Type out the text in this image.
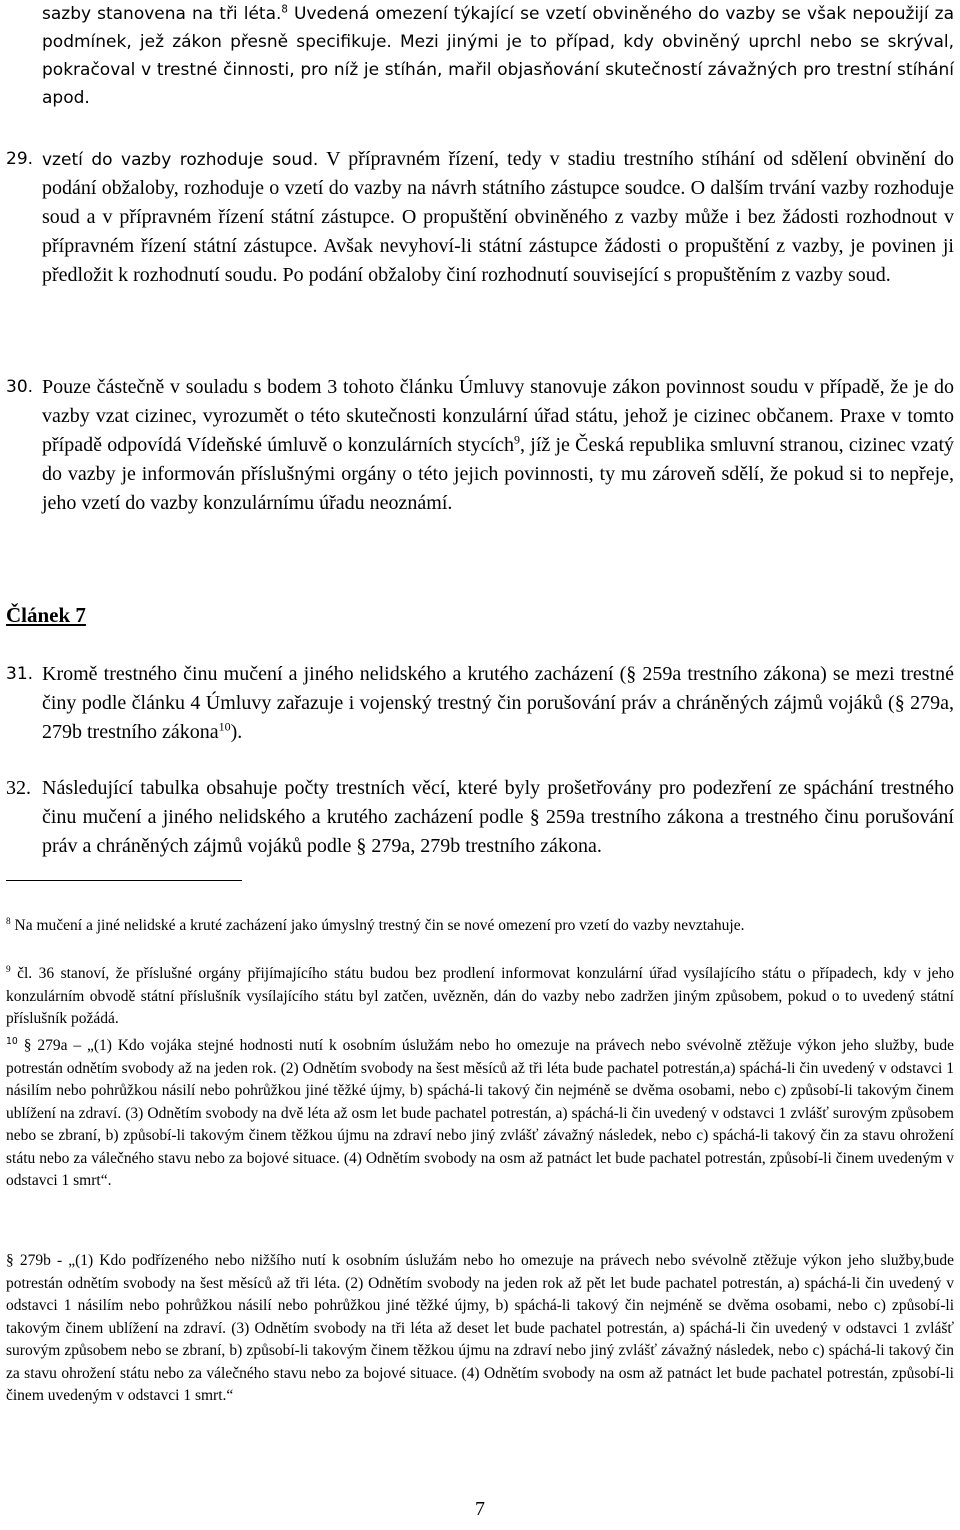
sazby stanovena na tři léta.$^8$ Uvedená omezení týkající se vzetí obviněného do vazby se však nepoužijí za podmínek, jež zákon přesně specifikuje. Mezi jinými je to případ, kdy obviněný uprchl nebo se skrýval, pokračoval v trestné činnosti, pro níž je stíhán, mařil objasňování skutečností závažných pro trestní stíhání apod.

29. vzetí do vazby rozhoduje soud. V přípravném řízení, tedy v stadiu trestního stíhání od sdělení obvinění do podání obžaloby, rozhoduje o vzetí do vazby na návrh státního zástupce soudce. O dalším trvání vazby rozhoduje soud a v přípravném řízení státní zástupce. O propuštění obviněného z vazby může i bez žádosti rozhodnout v přípravném řízení státní zástupce. Avšak nevyhoví-li státní zástupce žádosti o propuštění z vazby, je povinen ji předložit k rozhodnutí soudu. Po podání obžaloby činí rozhodnutí související s propuštěním z vazby soud.

30. Pouze částečně v souladu s bodem 3 tohoto článku Úmluvy stanovuje zákon povinnost soudu v případě, že je do vazby vzat cizinec, vyrozumět o této skutečnosti konzulární úřad státu, jehož je cizinec občanem. Praxe v tomto případě odpovídá Vídeňské úmluvě o konzulárních stycích$^9$, jíž je Česká republika smluvní stranou, cizinec vzatý do vazby je informován příslušnými orgány o této jejich povinnosti, ty mu zároveň sdělí, že pokud si to nepřeje, jeho vzetí do vazby konzulárnímu úřadu neoznámí.

Článek 7
31. Kromě trestného činu mučení a jiného nelidského a krutého zacházení (§ 259a trestního zákona) se mezi trestné činy podle článku 4 Úmluvy zařazuje i vojenský trestný čin porušování práv a chráněných zájmů vojáků (§ 279a, 279b trestního zákona$^{10}$).

32. Následující tabulka obsahuje počty trestních věcí, které byly prošetřovány pro podezření ze spáchání trestného činu mučení a jiného nelidského a krutého zacházení podle § 259a trestního zákona a trestného činu porušování práv a chráněných zájmů vojáků podle § 279a, 279b trestního zákona.

$^8$ Na mučení a jiné nelidské a kruté zacházení jako úmyslný trestný čin se nové omezení pro vzetí do vazby nevztahuje.

$^9$ čl. 36 stanoví, že příslušné orgány přijímajícího státu budou bez prodlení informovat konzulární úřad vysílajícího státu o případech, kdy v jeho konzulárním obvodě státní příslušník vysílajícího státu byl zatčen, uvězněn, dán do vazby nebo zadržen jiným způsobem, pokud o to uvedený státní příslušník požádá.

$^{10}$ § 279a – „(1) Kdo vojáka stejné hodnosti nutí k osobním úslužám nebo ho omezuje na právech nebo svévolně ztěžuje výkon jeho služby, bude potrestán odnětím svobody až na jeden rok. (2) Odnětím svobody na šest měsíců až tři léta bude pachatel potrestán,a) spáchá-li čin uvedený v odstavci 1 násilím nebo pohrůžkou násilí nebo pohrůžkou jiné těžké újmy, b) spáchá-li takový čin nejméně se dvěma osobami, nebo c) způsobí-li takovým činem ublížení na zdraví. (3) Odnětím svobody na dvě léta až osm let bude pachatel potrestán, a) spáchá-li čin uvedený v odstavci 1 zvlášť surovým způsobem nebo se zbraní, b) způsobí-li takovým činem těžkou újmu na zdraví nebo jiný zvlášť závažný následek, nebo c) spáchá-li takový čin za stavu ohrožení státu nebo za válečného stavu nebo za bojové situace. (4) Odnětím svobody na osm až patnáct let bude pachatel potrestán, způsobí-li činem uvedeným v odstavci 1 smrt“.

§ 279b - „(1) Kdo podřízeného nebo nižšího nutí k osobním úslužám nebo ho omezuje na právech nebo svévolně ztěžuje výkon jeho služby,bude potrestán odnětím svobody na šest měsíců až tři léta. (2) Odnětím svobody na jeden rok až pět let bude pachatel potrestán, a) spáchá-li čin uvedený v odstavci 1 násilím nebo pohrůžkou násilí nebo pohrůžkou jiné těžké újmy, b) spáchá-li takový čin nejméně se dvěma osobami, nebo c) způsobí-li takovým činem ublížení na zdraví. (3) Odnětím svobody na tři léta až deset let bude pachatel potrestán, a) spáchá-li čin uvedený v odstavci 1 zvlášť surovým způsobem nebo se zbraní, b) způsobí-li takovým činem těžkou újmu na zdraví nebo jiný zvlášť závažný následek, nebo c) spáchá-li takový čin za stavu ohrožení státu nebo za válečného stavu nebo za bojové situace. (4) Odnětím svobody na osm až patnáct let bude pachatel potrestán, způsobí-li činem uvedeným v odstavci 1 smrt.“

7
